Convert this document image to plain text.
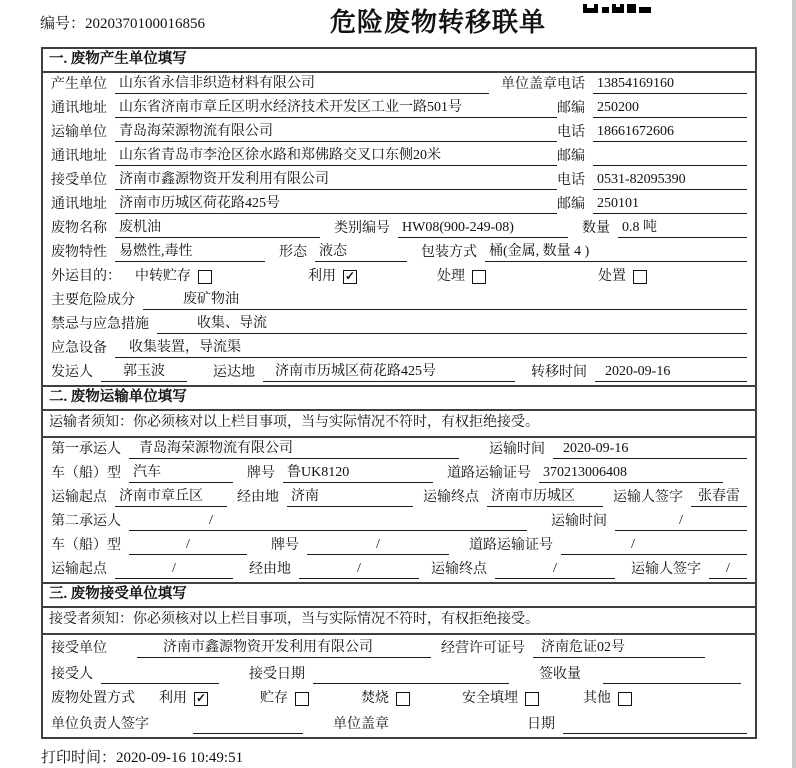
编号：2020370100016856	危险废物转移联单
一. 废物产生单位填写
产生单位 山东省永信非织造材料有限公司	单位盖章 电话 13854169160
通讯地址 山东省济南市章丘区明水经济技术开发区工业一路501号	邮编 250200
运输单位 青岛海荣源物流有限公司	电话 18661672606
通讯地址 山东省青岛市李沧区徐水路和郑佛路交叉口东侧20米	邮编
接受单位 济南市鑫源物资开发利用有限公司	电话 0531-82095390
通讯地址 济南市历城区荷花路425号	邮编 250101
废物名称 废机油	类别编号 HW08(900-249-08)	数量 0.8 吨
废物特性 易燃性,毒性	形态 液态	包装方式 桶(金属, 数量 4 )
外运目的： 中转贮存	利用 ✓	处理	处置
主要危险成分	废矿物油
禁忌与应急措施	收集、导流
应急设备	收集装置，导流渠
发运人	郭玉波	运达地	济南市历城区荷花路425号	转移时间	2020-09-16
二. 废物运输单位填写
运输者须知：你必须核对以上栏目事项，当与实际情况不符时，有权拒绝接受。
第一承运人	青岛海荣源物流有限公司	运输时间	2020-09-16
车（船）型 汽车	牌号 鲁UK8120	道路运输证号 370213006408
运输起点 济南市章丘区	经由地 济南	运输终点 济南市历城区	运输人签字	张春雷
第二承运人	/	运输时间	/
车（船）型	/	牌号	/	道路运输证号	/
运输起点	/	经由地	/	运输终点	/	运输人签字	/
三. 废物接受单位填写
接受者须知：你必须核对以上栏目事项，当与实际情况不符时，有权拒绝接受。
接受单位	济南市鑫源物资开发利用有限公司	经营许可证号	济南危证02号
接受人	接受日期	签收量
废物处置方式 利用 ✓	贮存	焚烧	安全填埋	其他
单位负责人签字	单位盖章	日期
打印时间：2020-09-16 10:49:51
